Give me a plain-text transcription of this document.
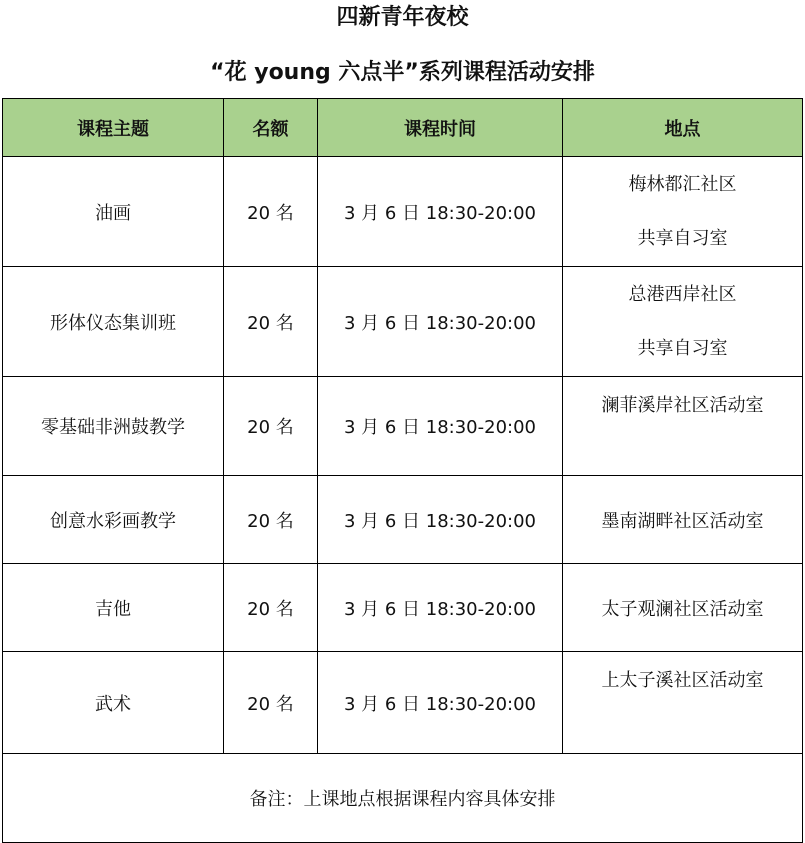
四新青年夜校
“花 young 六点半”系列课程活动安排
课程主题	名额	课程时间	地点
油画	20 名	3 月 6 日 18:30-20:00	梅林都汇社区
共享自习室

形体仪态集训班	20 名	3 月 6 日 18:30-20:00	总港西岸社区
共享自习室

零基础非洲鼓教学	20 名	3 月 6 日 18:30-20:00	澜菲溪岸社区活动室
创意水彩画教学	20 名	3 月 6 日 18:30-20:00	墨南湖畔社区活动室
吉他	20 名	3 月 6 日 18:30-20:00	太子观澜社区活动室
武术	20 名	3 月 6 日 18:30-20:00	上太子溪社区活动室
备注：上课地点根据课程内容具体安排			
